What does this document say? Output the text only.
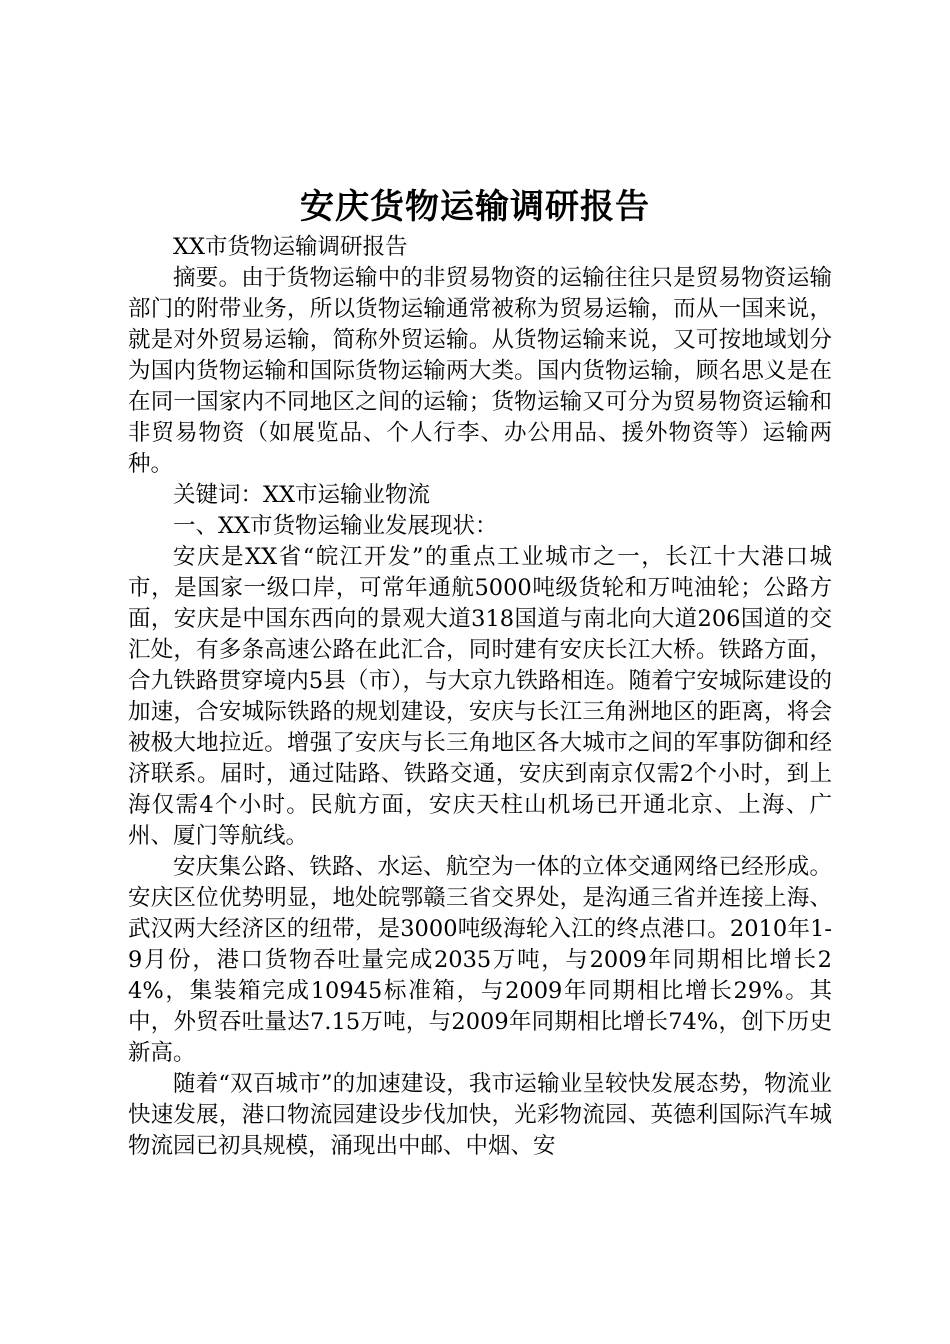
安庆货物运输调研报告

XX市货物运输调研报告

摘要。由于货物运输中的非贸易物资的运输往往只是贸易物资运输部门的附带业务，所以货物运输通常被称为贸易运输，而从一国来说，就是对外贸易运输，简称外贸运输。从货物运输来说，又可按地域划分为国内货物运输和国际货物运输两大类。国内货物运输，顾名思义是在在同一国家内不同地区之间的运输；货物运输又可分为贸易物资运输和非贸易物资（如展览品、个人行李、办公用品、援外物资等）运输两种。

关键词：XX市运输业物流

一、XX市货物运输业发展现状：

安庆是XX省“皖江开发”的重点工业城市之一，长江十大港口城市，是国家一级口岸，可常年通航5000吨级货轮和万吨油轮；公路方面，安庆是中国东西向的景观大道318国道与南北向大道206国道的交汇处，有多条高速公路在此汇合，同时建有安庆长江大桥。铁路方面，合九铁路贯穿境内5县（市），与大京九铁路相连。随着宁安城际建设的加速，合安城际铁路的规划建设，安庆与长江三角洲地区的距离，将会被极大地拉近。增强了安庆与长三角地区各大城市之间的军事防御和经济联系。届时，通过陆路、铁路交通，安庆到南京仅需2个小时，到上海仅需4个小时。民航方面，安庆天柱山机场已开通北京、上海、广州、厦门等航线。

安庆集公路、铁路、水运、航空为一体的立体交通网络已经形成。安庆区位优势明显，地处皖鄂赣三省交界处，是沟通三省并连接上海、武汉两大经济区的纽带，是3000吨级海轮入江的终点港口。2010年1-9月份，港口货物吞吐量完成2035万吨，与2009年同期相比增长24%，集装箱完成10945标准箱，与2009年同期相比增长29%。其中，外贸吞吐量达7.15万吨，与2009年同期相比增长74%，创下历史新高。

随着“双百城市”的加速建设，我市运输业呈较快发展态势，物流业快速发展，港口物流园建设步伐加快，光彩物流园、英德利国际汽车城物流园已初具规模，涌现出中邮、中烟、安
